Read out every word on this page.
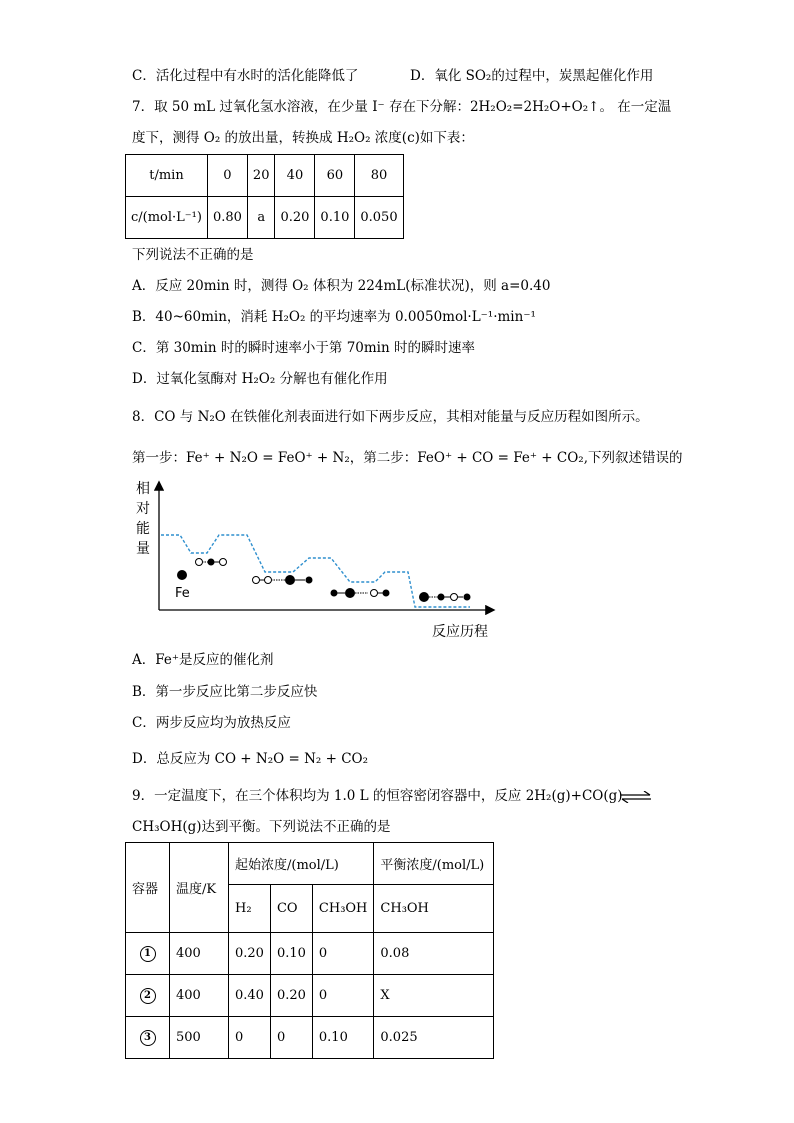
C．活化过程中有水时的活化能降低了	D．氧化 SO₂的过程中，炭黑起催化作用
7．取 50 mL 过氧化氢水溶液，在少量 I⁻ 存在下分解：2H₂O₂=2H₂O+O₂↑。 在一定温
度下，测得 O₂ 的放出量，转换成 H₂O₂ 浓度(c)如下表：
t/min	0	20	40	60	80
c/(mol·L⁻¹)	0.80	a	0.20	0.10	0.050
下列说法不正确的是
A．反应 20min 时，测得 O₂ 体积为 224mL(标准状况)，则 a=0.40
B．40~60min，消耗 H₂O₂ 的平均速率为 0.0050mol·L⁻¹·min⁻¹
C．第 30min 时的瞬时速率小于第 70min 时的瞬时速率
D．过氧化氢酶对 H₂O₂ 分解也有催化作用
8．CO 与 N₂O 在铁催化剂表面进行如下两步反应，其相对能量与反应历程如图所示。
第一步：Fe⁺ + N₂O = FeO⁺ + N₂，第二步：FeO⁺ + CO = Fe⁺ + CO₂,下列叙述错误的
相
对
能
量
Fe
反应历程
A．Fe⁺是反应的催化剂
B．第一步反应比第二步反应快
C．两步反应均为放热反应
D．总反应为 CO + N₂O = N₂ + CO₂
9．一定温度下，在三个体积均为 1.0 L 的恒容密闭容器中，反应 2H₂(g)+CO(g)
CH₃OH(g)达到平衡。下列说法不正确的是
容器	温度/K	起始浓度/(mol/L)			平衡浓度/(mol/L)
		H₂	CO	CH₃OH	CH₃OH
1	400	0.20	0.10	0	0.08
2	400	0.40	0.20	0	X
3	500	0	0	0.10	0.025
